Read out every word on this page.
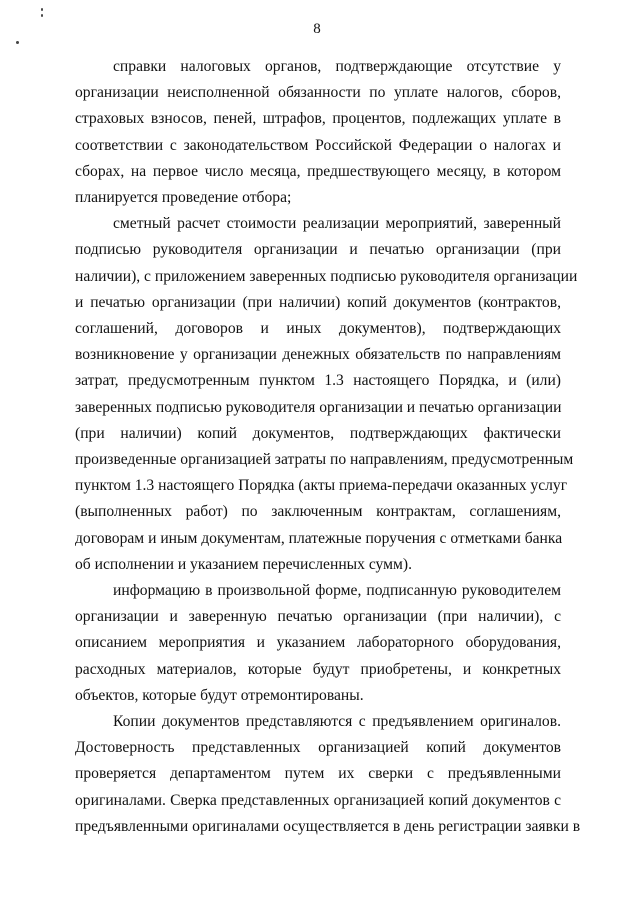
8

справки налоговых органов, подтверждающие отсутствие у
организации неисполненной обязанности по уплате налогов, сборов,
страховых взносов, пеней, штрафов, процентов, подлежащих уплате в
соответствии с законодательством Российской Федерации о налогах и
сборах, на первое число месяца, предшествующего месяцу, в котором
планируется проведение отбора;

сметный расчет стоимости реализации мероприятий, заверенный
подписью руководителя организации и печатью организации (при
наличии), с приложением заверенных подписью руководителя организации
и печатью организации (при наличии) копий документов (контрактов,
соглашений, договоров и иных документов), подтверждающих
возникновение у организации денежных обязательств по направлениям
затрат, предусмотренным пунктом 1.3 настоящего Порядка, и (или)
заверенных подписью руководителя организации и печатью организации
(при наличии) копий документов, подтверждающих фактически
произведенные организацией затраты по направлениям, предусмотренным
пунктом 1.3 настоящего Порядка (акты приема-передачи оказанных услуг
(выполненных работ) по заключенным контрактам, соглашениям,
договорам и иным документам, платежные поручения с отметками банка
об исполнении и указанием перечисленных сумм).

информацию в произвольной форме, подписанную руководителем
организации и заверенную печатью организации (при наличии), с
описанием мероприятия и указанием лабораторного оборудования,
расходных материалов, которые будут приобретены, и конкретных
объектов, которые будут отремонтированы.

Копии документов представляются с предъявлением оригиналов.
Достоверность представленных организацией копий документов
проверяется департаментом путем их сверки с предъявленными
оригиналами. Сверка представленных организацией копий документов с
предъявленными оригиналами осуществляется в день регистрации заявки в
